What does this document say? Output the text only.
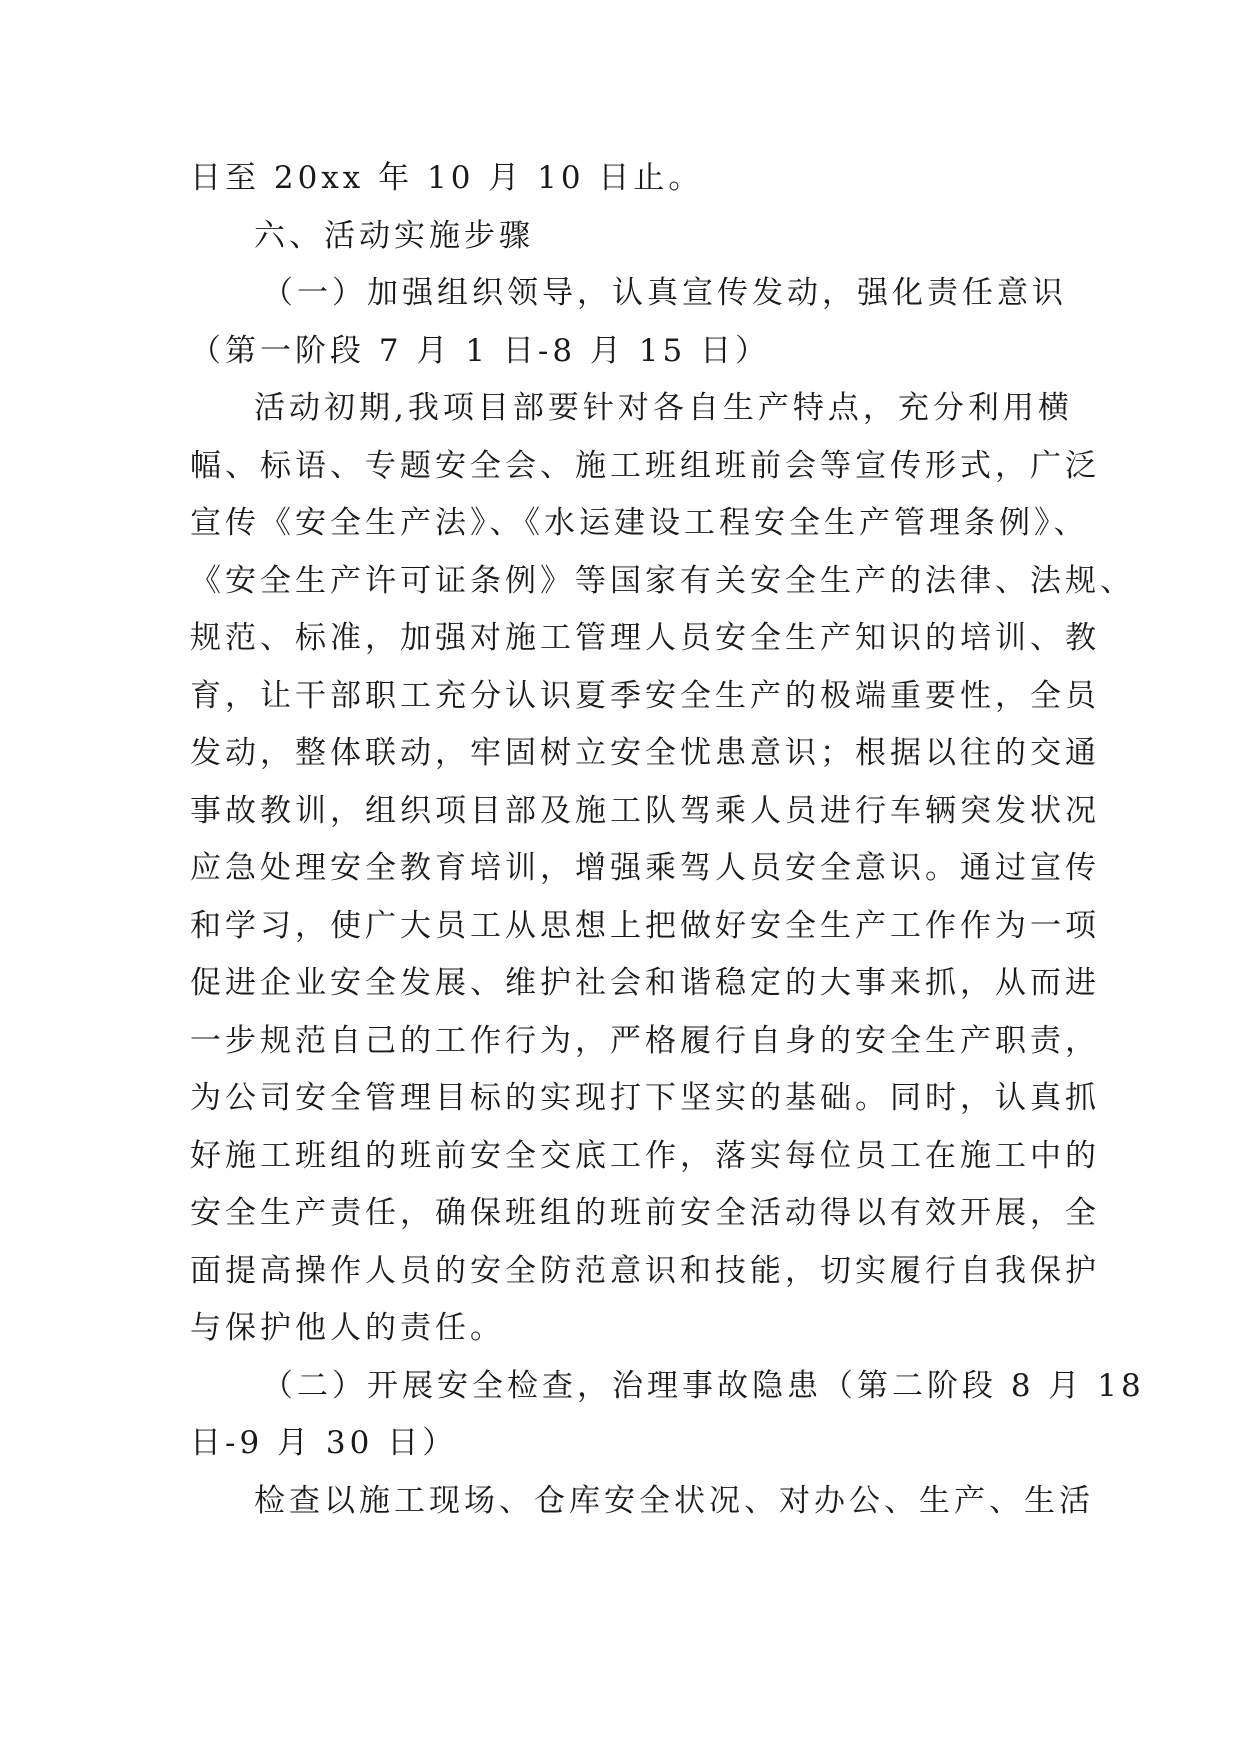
日至 20xx 年 10 月 10 日止。
六、活动实施步骤
（一）加强组织领导，认真宣传发动，强化责任意识
（第一阶段 7 月 1 日-8 月 15 日）
活动初期,我项目部要针对各自生产特点，充分利用横
幅、标语、专题安全会、施工班组班前会等宣传形式，广泛
宣传《安全生产法》、《水运建设工程安全生产管理条例》、
《安全生产许可证条例》等国家有关安全生产的法律、法规、
规范、标准，加强对施工管理人员安全生产知识的培训、教
育，让干部职工充分认识夏季安全生产的极端重要性，全员
发动，整体联动，牢固树立安全忧患意识；根据以往的交通
事故教训，组织项目部及施工队驾乘人员进行车辆突发状况
应急处理安全教育培训，增强乘驾人员安全意识。通过宣传
和学习，使广大员工从思想上把做好安全生产工作作为一项
促进企业安全发展、维护社会和谐稳定的大事来抓，从而进
一步规范自己的工作行为，严格履行自身的安全生产职责，
为公司安全管理目标的实现打下坚实的基础。同时，认真抓
好施工班组的班前安全交底工作，落实每位员工在施工中的
安全生产责任，确保班组的班前安全活动得以有效开展，全
面提高操作人员的安全防范意识和技能，切实履行自我保护
与保护他人的责任。
（二）开展安全检查，治理事故隐患（第二阶段 8 月 18
日-9 月 30 日）
检查以施工现场、仓库安全状况、对办公、生产、生活
